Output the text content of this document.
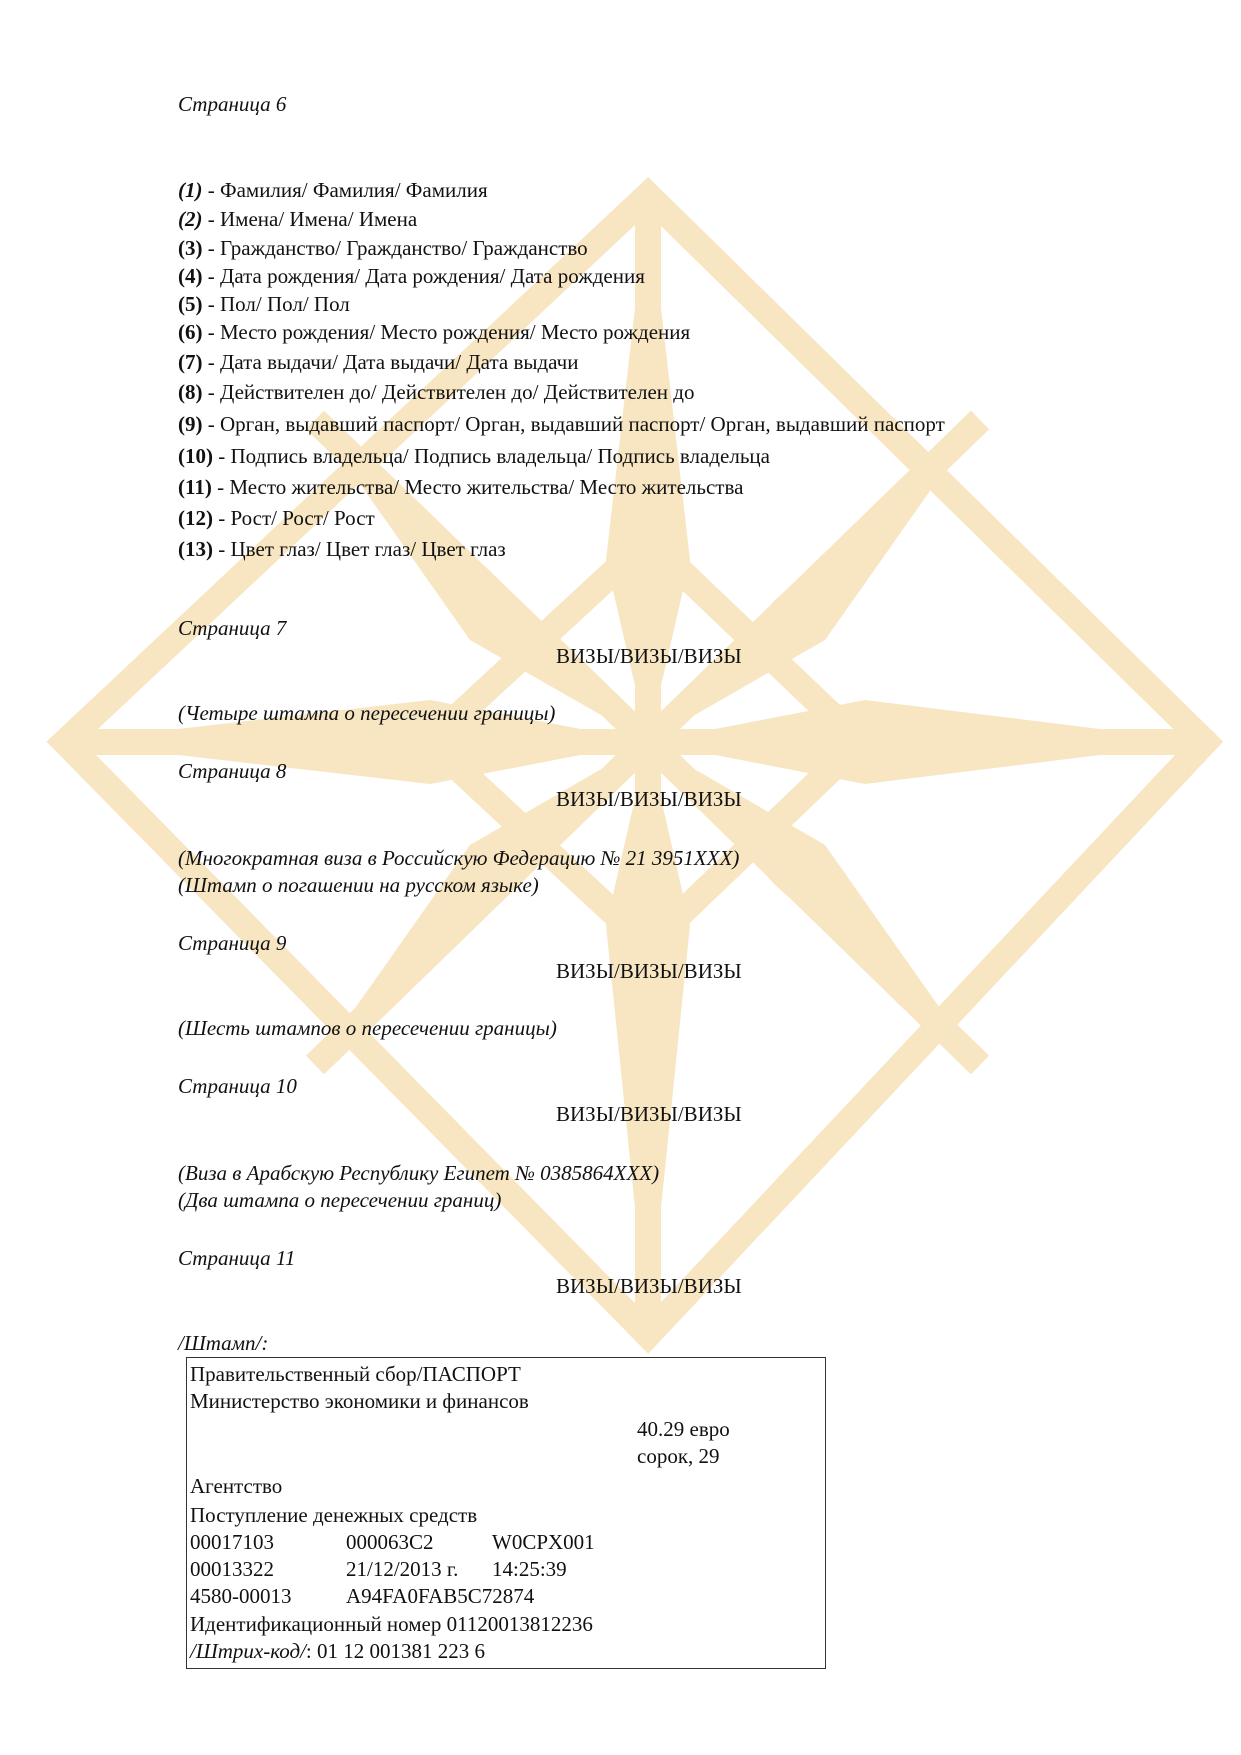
Страница 6
(1) - Фамилия/ Фамилия/ Фамилия
(2) - Имена/ Имена/ Имена
(3) - Гражданство/ Гражданство/ Гражданство
(4) - Дата рождения/ Дата рождения/ Дата рождения
(5) - Пол/ Пол/ Пол
(6) - Место рождения/ Место рождения/ Место рождения
(7) - Дата выдачи/ Дата выдачи/ Дата выдачи
(8) - Действителен до/ Действителен до/ Действителен до
(9) - Орган, выдавший паспорт/ Орган, выдавший паспорт/ Орган, выдавший паспорт
(10) - Подпись владельца/ Подпись владельца/ Подпись владельца
(11) - Место жительства/ Место жительства/ Место жительства
(12) - Рост/ Рост/ Рост
(13) - Цвет глаз/ Цвет глаз/ Цвет глаз
Страница 7
ВИЗЫ/ВИЗЫ/ВИЗЫ
(Четыре штампа о пересечении границы)
Страница 8
ВИЗЫ/ВИЗЫ/ВИЗЫ
(Многократная виза в Российскую Федерацию № 21 3951ХХХ)
(Штамп о погашении на русском языке)
Страница 9
ВИЗЫ/ВИЗЫ/ВИЗЫ
(Шесть штампов о пересечении границы)
Страница 10
ВИЗЫ/ВИЗЫ/ВИЗЫ
(Виза в Арабскую Республику Египет № 0385864ХХХ)
(Два штампа о пересечении границ)
Страница 11
ВИЗЫ/ВИЗЫ/ВИЗЫ
/Штамп/:
Правительственный сбор/ПАСПОРТ
Министерство экономики и финансов
40.29 евро
сорок, 29
Агентство
Поступление денежных средств
00017103	000063C2	W0CPX001
00013322	21/12/2013 г. 14:25:39
4580-00013	A94FA0FAB5C72874
Идентификационный номер 01120013812236
/Штрих-код/: 01 12 001381 223 6
